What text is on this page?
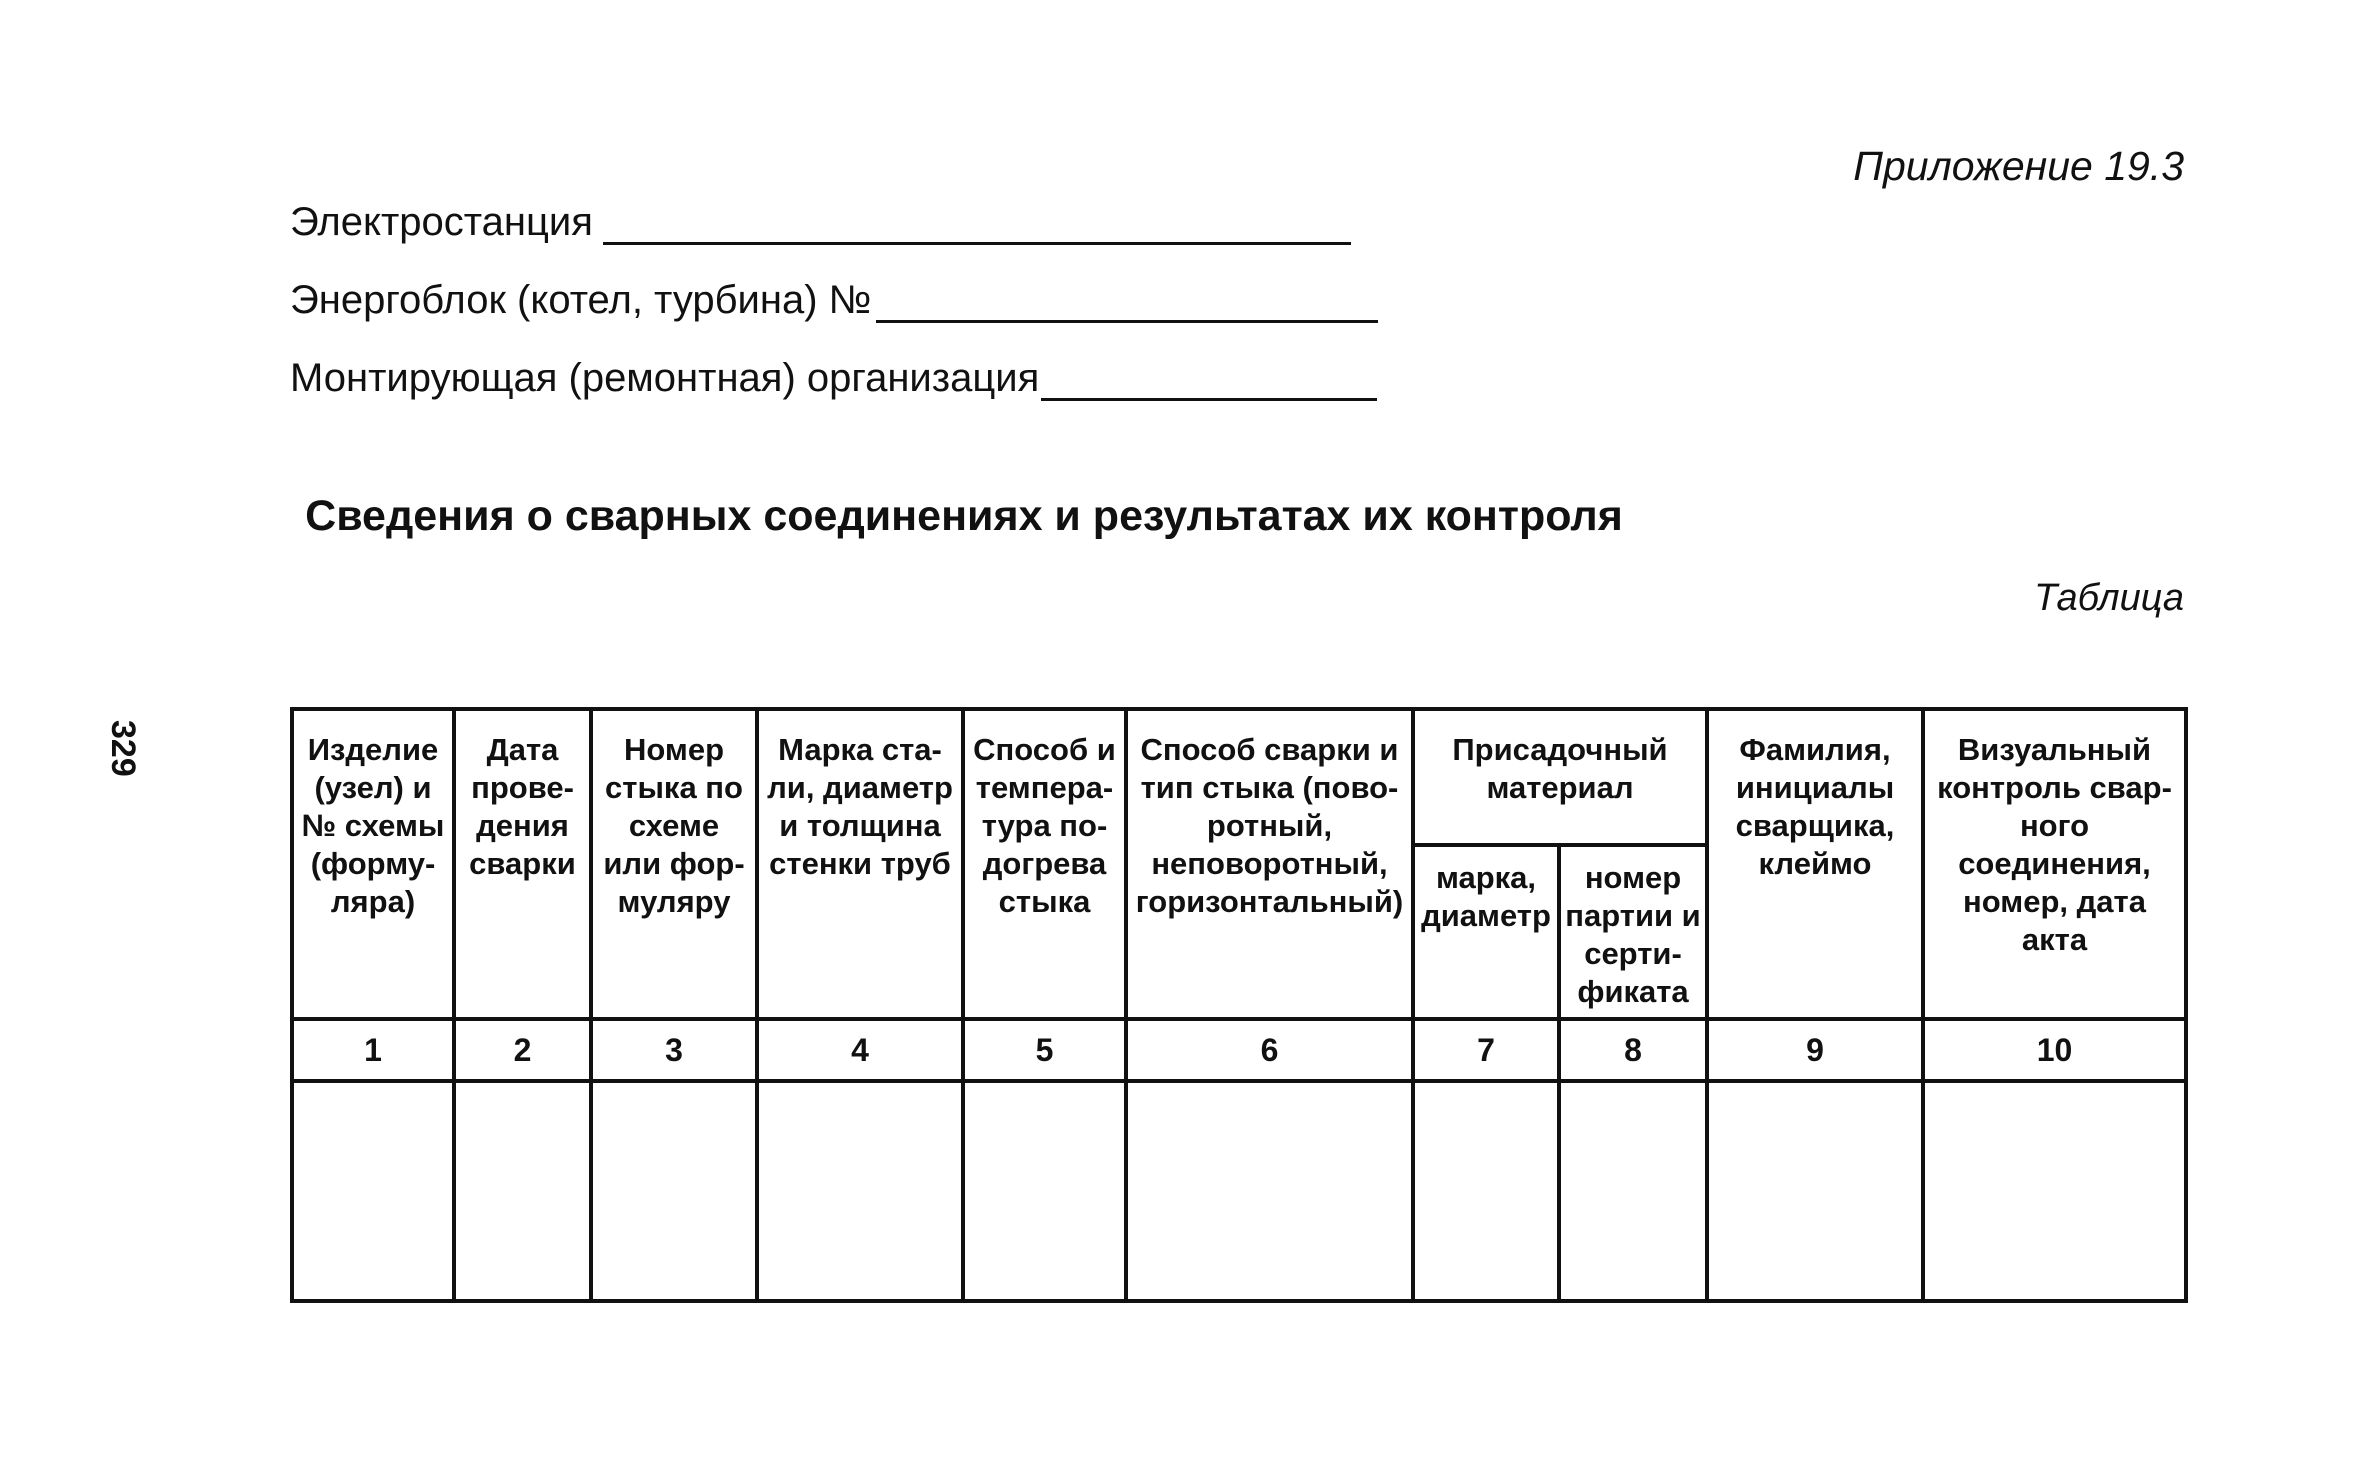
329
Приложение 19.3
Электростанция
Энергоблок (котел, турбина) №
Монтирующая (ремонтная) организация
Сведения о сварных соединениях и результатах их контроля
Таблица
Изделие (узел) и № схемы (форму-ляра)	Дата прове-дения сварки	Номер стыка по схеме или фор-муляру	Марка ста-ли, диаметр и толщина стенки труб	Способ и темпера-тура по-догрева стыка	Способ сварки и тип стыка (пово-ротный, неповоротный, горизонтальный)	Присадочный материал		Фамилия, инициалы сварщика, клеймо	Визуальный контроль свар-ного соединения, номер, дата акта
						марка, диаметр	номер партии и серти-фиката		
1	2	3	4	5	6	7	8	9	10
